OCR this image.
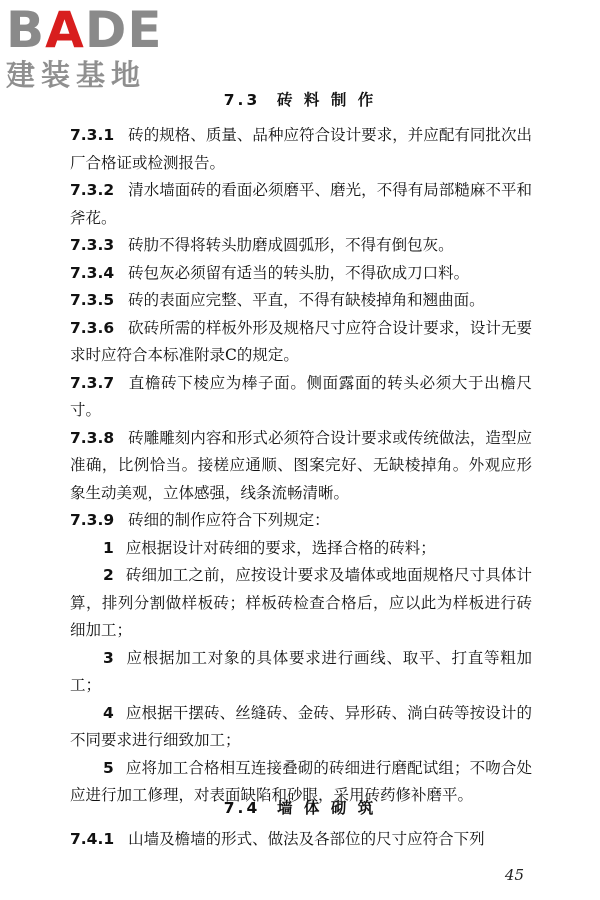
BADE
建装基地
7.3 砖 料 制 作

7.3.1 砖的规格、质量、品种应符合设计要求，并应配有同批次出厂合格证或检测报告。

7.3.2 清水墙面砖的看面必须磨平、磨光，不得有局部糙麻不平和斧花。

7.3.3 砖肋不得将转头肋磨成圆弧形，不得有倒包灰。

7.3.4 砖包灰必须留有适当的转头肋，不得砍成刀口料。

7.3.5 砖的表面应完整、平直，不得有缺棱掉角和翘曲面。

7.3.6 砍砖所需的样板外形及规格尺寸应符合设计要求，设计无要求时应符合本标准附录C的规定。

7.3.7 直檐砖下棱应为棒子面。侧面露面的转头必须大于出檐尺寸。

7.3.8 砖雕雕刻内容和形式必须符合设计要求或传统做法，造型应准确，比例恰当。接槎应通顺、图案完好、无缺棱掉角。外观应形象生动美观，立体感强，线条流畅清晰。

7.3.9 砖细的制作应符合下列规定：

1 应根据设计对砖细的要求，选择合格的砖料；

2 砖细加工之前，应按设计要求及墙体或地面规格尺寸具体计算，排列分割做样板砖；样板砖检查合格后，应以此为样板进行砖细加工；

3 应根据加工对象的具体要求进行画线、取平、打直等粗加工；

4 应根据干摆砖、丝缝砖、金砖、异形砖、淌白砖等按设计的不同要求进行细致加工；

5 应将加工合格相互连接叠砌的砖细进行磨配试组；不吻合处应进行加工修理，对表面缺陷和砂眼，采用砖药修补磨平。

7.4 墙 体 砌 筑

7.4.1 山墙及檐墙的形式、做法及各部位的尺寸应符合下列

45
